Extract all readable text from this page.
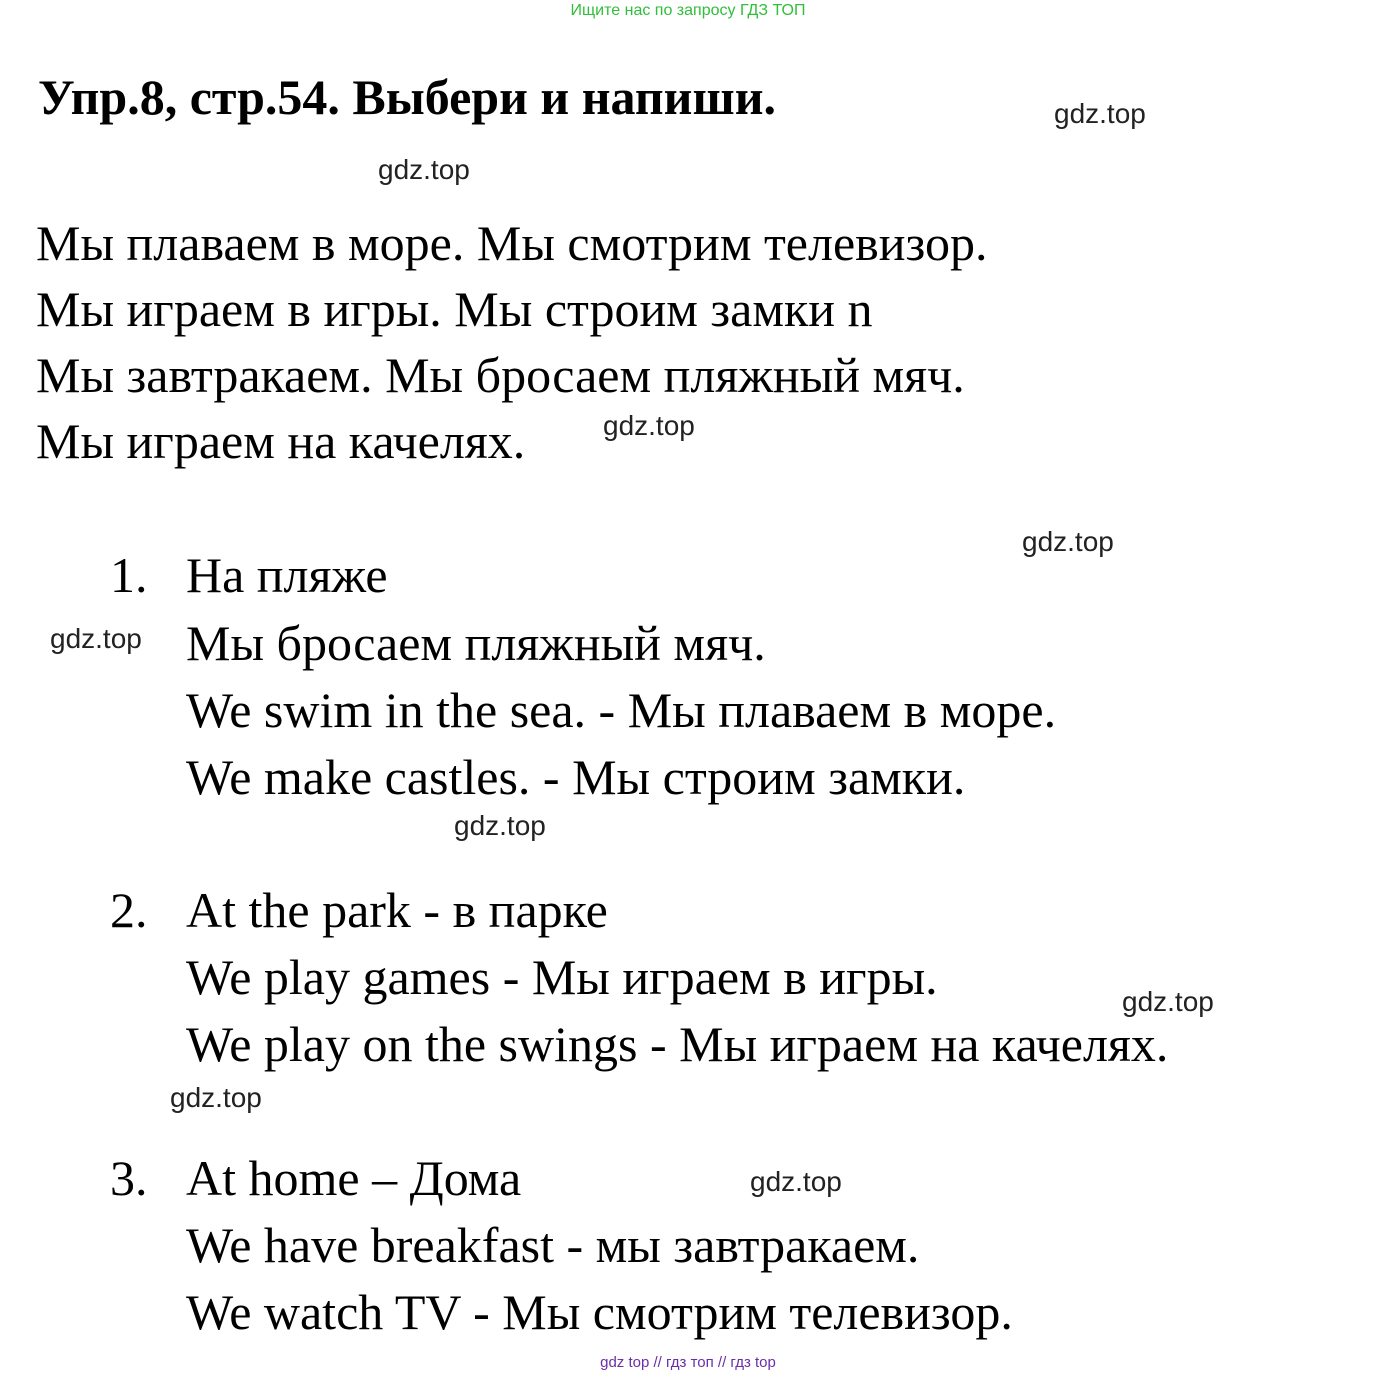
Ищите нас по запросу ГДЗ ТОП
Упр.8, стр.54. Выбери и напиши.	gdz.top
gdz.top
gdz.top
gdz.top
gdz.top
gdz.top
gdz.top
gdz.top
gdz.top
Мы плаваем в море. Мы смотрим телевизор.
Мы играем в игры. Мы строим замки n
Мы завтракаем. Мы бросаем пляжный мяч.
Мы играем на качелях.
1. На пляже
Мы бросаем пляжный мяч.
We swim in the sea. - Мы плаваем в море.
We make castles. - Мы строим замки.
2. At the park - в парке
We play games - Мы играем в игры.
We play on the swings - Мы играем на качелях.
3. At home – Дома
We have breakfast - мы завтракаем.
We watch TV - Мы смотрим телевизор.
gdz top // гдз топ // гдз top
